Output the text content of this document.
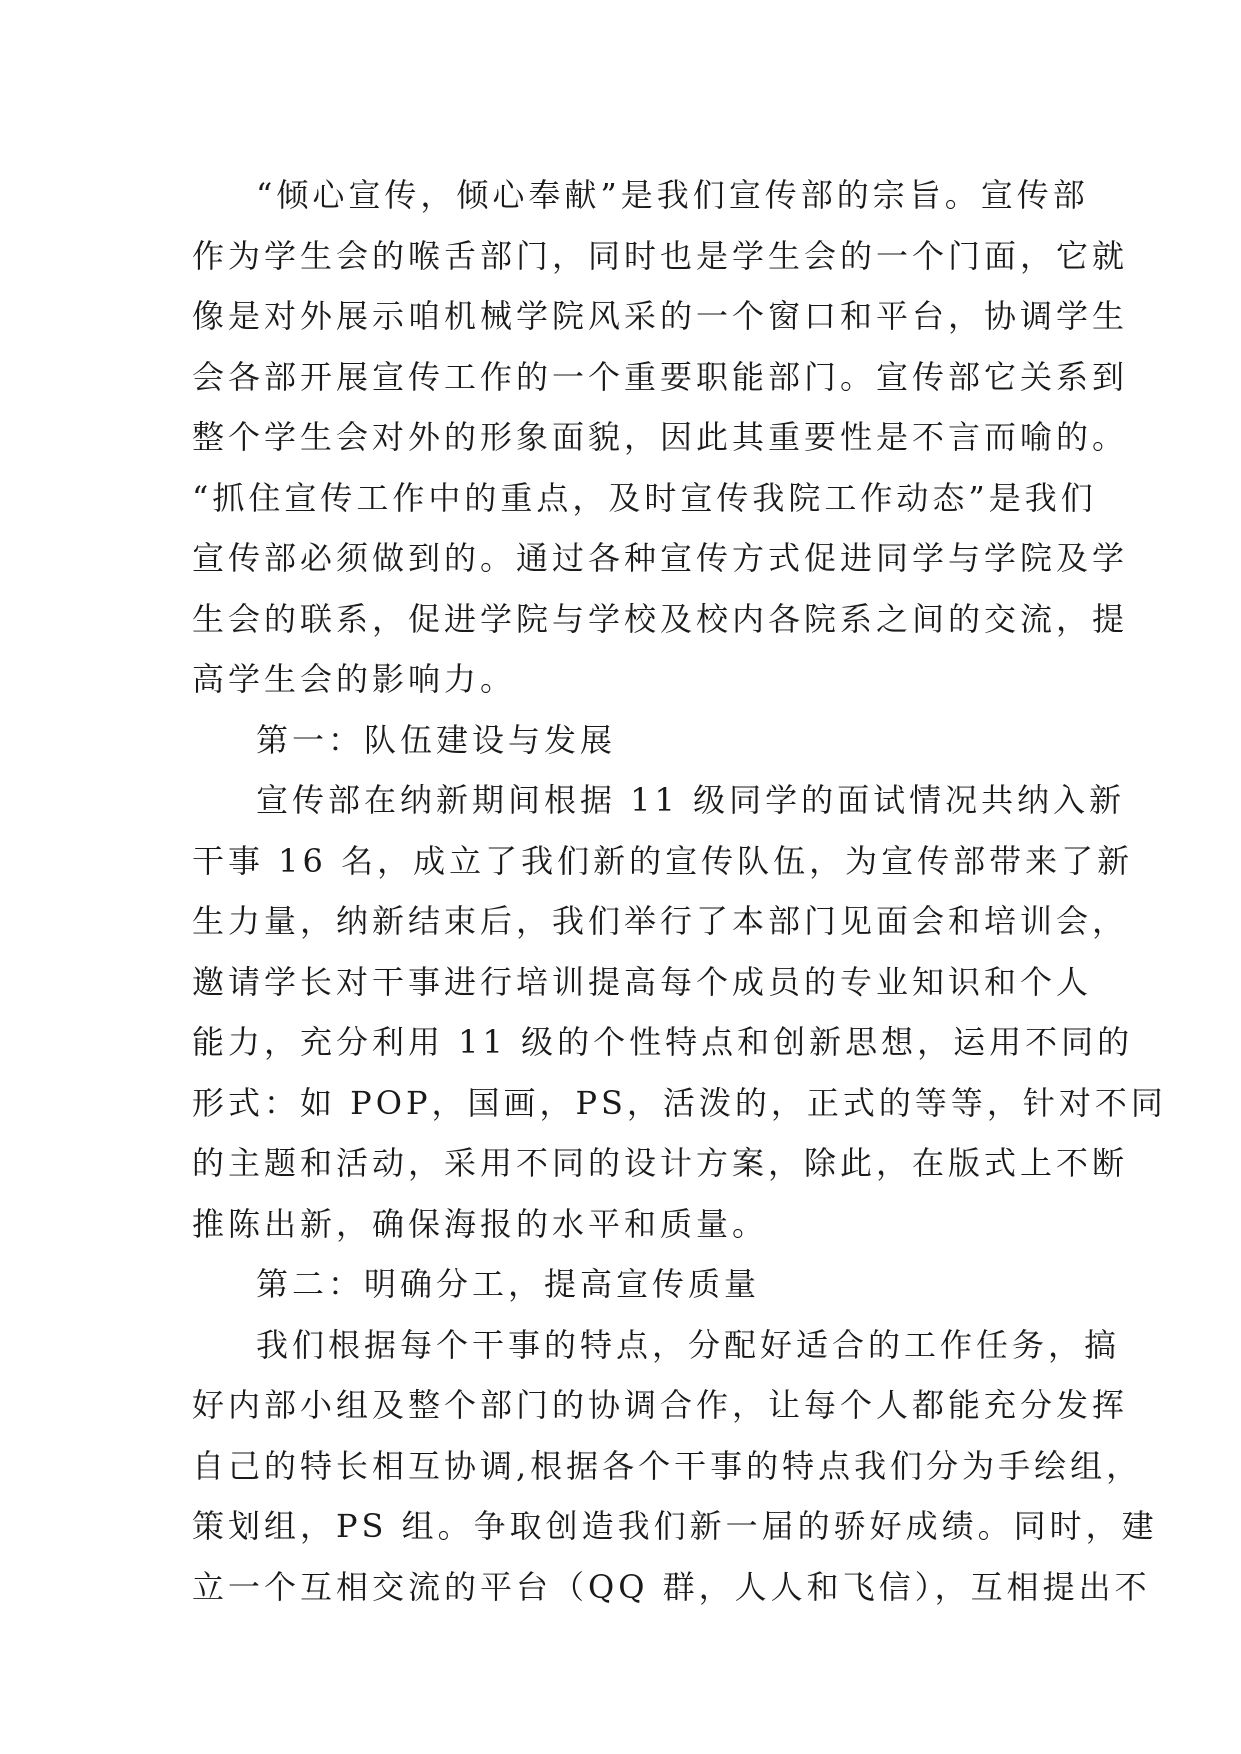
“倾心宣传，倾心奉献”是我们宣传部的宗旨。宣传部
作为学生会的喉舌部门，同时也是学生会的一个门面，它就
像是对外展示咱机械学院风采的一个窗口和平台，协调学生
会各部开展宣传工作的一个重要职能部门。宣传部它关系到
整个学生会对外的形象面貌，因此其重要性是不言而喻的。
“抓住宣传工作中的重点，及时宣传我院工作动态”是我们
宣传部必须做到的。通过各种宣传方式促进同学与学院及学
生会的联系，促进学院与学校及校内各院系之间的交流，提
高学生会的影响力。
第一：队伍建设与发展
宣传部在纳新期间根据 11 级同学的面试情况共纳入新
干事 16 名，成立了我们新的宣传队伍，为宣传部带来了新
生力量，纳新结束后，我们举行了本部门见面会和培训会，
邀请学长对干事进行培训提高每个成员的专业知识和个人
能力，充分利用 11 级的个性特点和创新思想，运用不同的
形式：如 POP，国画，PS，活泼的，正式的等等，针对不同
的主题和活动，采用不同的设计方案，除此，在版式上不断
推陈出新，确保海报的水平和质量。
第二：明确分工，提高宣传质量
我们根据每个干事的特点，分配好适合的工作任务，搞
好内部小组及整个部门的协调合作，让每个人都能充分发挥
自己的特长相互协调,根据各个干事的特点我们分为手绘组，
策划组，PS 组。争取创造我们新一届的骄好成绩。同时，建
立一个互相交流的平台（QQ 群，人人和飞信），互相提出不
